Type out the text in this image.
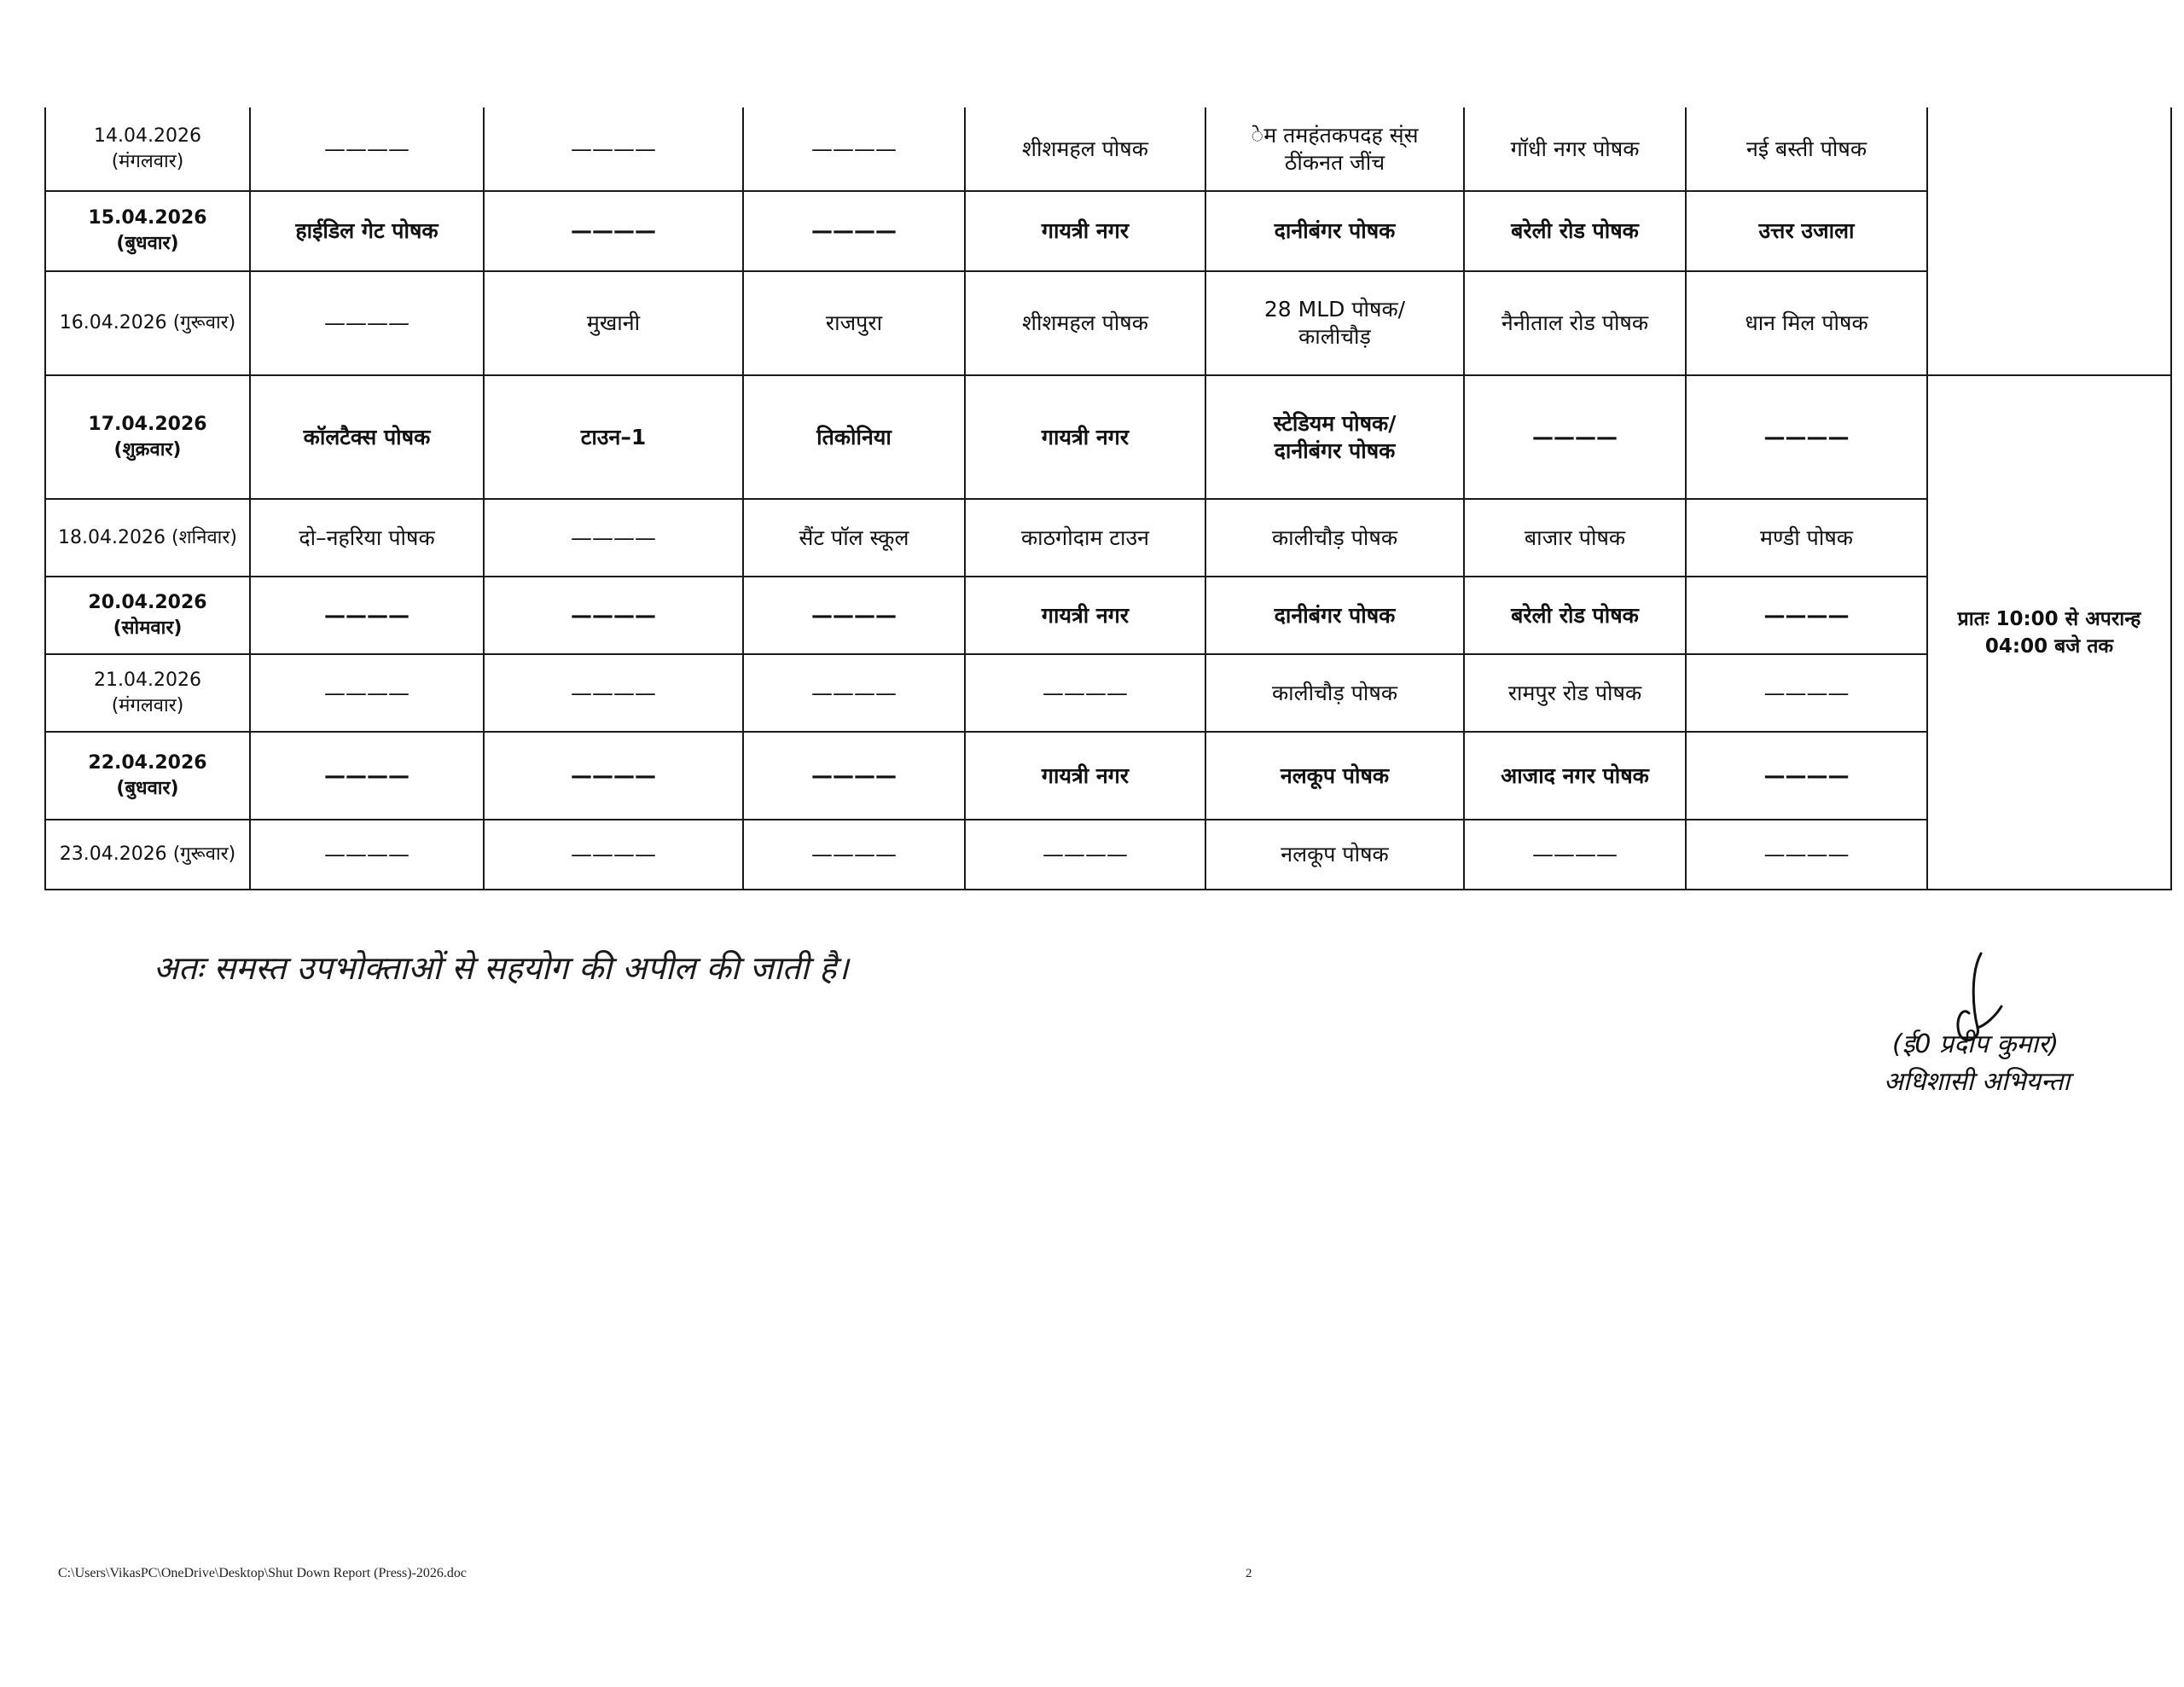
14.04.2026
(मंगलवार)	————	————	————	शीशमहल पोषक	ेम तमहंतकपदह स्ंस
ठींकनत जींच	गॉधी नगर पोषक	नई बस्ती पोषक	
15.04.2026
(बुधवार)	हाईडिल गेट पोषक	————	————	गायत्री नगर	दानीबंगर पोषक	बरेली रोड पोषक	उत्तर उजाला	
16.04.2026 (गुरूवार)	————	मुखानी	राजपुरा	शीशमहल पोषक	28 MLD पोषक/
कालीचौड़	नैनीताल रोड पोषक	धान मिल पोषक	
17.04.2026
(शुक्रवार)	कॉलटैक्स पोषक	टाउन–1	तिकोनिया	गायत्री नगर	स्टेडियम पोषक/
दानीबंगर पोषक	————	————	प्रातः 10:00 से अपरान्ह
04:00 बजे तक
18.04.2026 (शनिवार)	दो–नहरिया पोषक	————	सैंट पॉल स्कूल	काठगोदाम टाउन	कालीचौड़ पोषक	बाजार पोषक	मण्डी पोषक	
20.04.2026
(सोमवार)	————	————	————	गायत्री नगर	दानीबंगर पोषक	बरेली रोड पोषक	————	
21.04.2026
(मंगलवार)	————	————	————	————	कालीचौड़ पोषक	रामपुर रोड पोषक	————	
22.04.2026
(बुधवार)	————	————	————	गायत्री नगर	नलकूप पोषक	आजाद नगर पोषक	————	
23.04.2026 (गुरूवार)	————	————	————	————	नलकूप पोषक	————	————	
अतः समस्त उपभोक्ताओं से सहयोग की अपील की जाती है।
(ई0 प्रदीप कुमार)
अधिशासी अभियन्ता
C:\Users\VikasPC\OneDrive\Desktop\Shut Down Report (Press)-2026.doc	2
